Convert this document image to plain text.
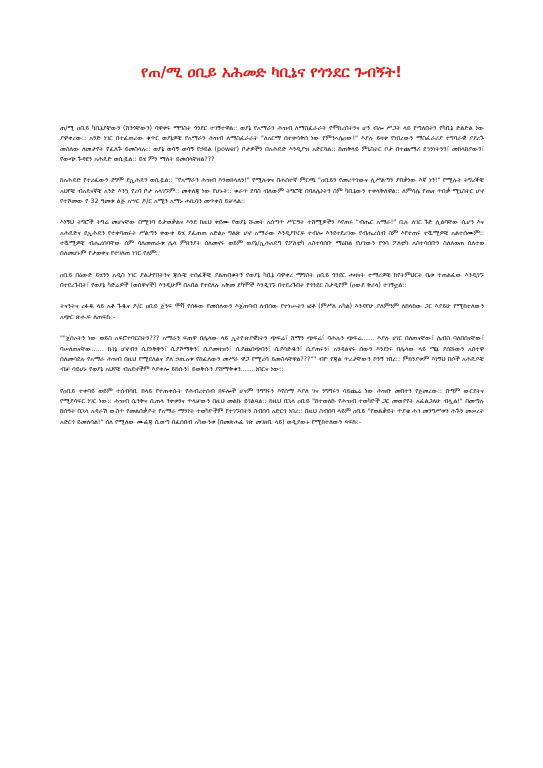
የጠ/ሚ ዐቢይ አሕመድ ካቢኔና የጎንደር ጉብኝት!

ጠ/ሚ ዐቢይ ካቢኔያቸውን (ሸንጎቸውን) ባዋቀሩ ማግስት ጎንደር ተገኝተዋል:: ወያኔ የአማራን ሕዝብ ለማስፈራራት የሞከረበትንና ሆን ብሎ ሥጋት ላይ የጣለበትን የካቢኔ ድልድል ነው ያዋቀረው:: አንድ ነገር በተፈጠረው ቁጥር ወያኔዎቹ የአማራን ሕዝብ ለማስፈራራት "ለአርማ ሰተቀሳቅሰ ነው የምንኣሌዐው!" እያሉ ይዛቱ የነበረውን ማስፈራሪያ ተግባራዊ ያደረጉ መስለው ለመታየት የፈለጉ ይመስላሉ:: ወያኔ ወሳኝ ወሳኝ የኃይል (power) ቦታዎችን በአሕዴድ እንዲያዝ አድርጓል:: ከጠቅላይ ምኒስትር ቦታ በተጨማሪ ደኅንነትንን፣ መከላከያውን፣ የውጭ ጉዳዩን አሕዴድ ወሲዷል:: ይሄ ምን ማለት ይመሰላቸዘል???

ከአሕዴድ የተረፈውን ደግሞ ደኢሕዴን ወሲዷል:: "የአማራን ሕዝብ እንወክላለን!" የሚሉቱና በሐሰተኛ ምርጫ "ዐቢይን የመረጥነውና ሊሥልጣን ያበቃነው እኛ ነን!" የሚሉት ትግረኞቹ አህየቹ ብአዴናኛቹ አንድ እንኳ የረባ ቦታ አላገኙም:: መቀለጃ ነው የሆኑት:: ቁራጥ ደባስ ብለውም ትግሮቹ በባለሌነትን ስም ካቢኔውን ተቀላቅለዋል:: ለምሳሌ የጤና ጥበቃ ሚኒስትር ሆኖ የተሾመው የ 32 ዓመቱ ልጅ አሣር ዶ/ር አሚን አማኑ ሐኪሳን መጥቀስ ይቻላል::

እነኝህ ትግሮች ትግሬ መሆናቸው በሚገባ ይታወቃልና እንደ ከዚህ ቀደሙ የወያኔ ሹመት አሰጣጥ ሥርዓት ተሸሚዎችን እየጠሩ "ብሔር አማራ!" ቢሉ ለገር ጉድ ሊልባቸው ሲሆን እና አሕዴድና ደኢሕዴን የተቀባጠሩት ሥልጣን ቀውቀ ይሄ ያፈጠጠ አድልኦ ግልጽ ሆኖ አማራው እንዲያኮርፍ ተብሎ እንደተደረገው የብሔረሰብ ስም እየተጠሩ ተሿሚዎቹ አልተሰሙም:: ተሿሚዎቹ ብሔረሰባቸው ሰም ሳለመጠራቱ ሌላ ምክንያት ሰለመኖሩ ወይም ወያኔ/ኢሕአዴግ የፖለቲካ አስተሳሰቡ ማዕከል የሆነውን የጎሳ ፖለቲካ አስተሳሰቡን ስለለወጠ ሰለተወ ሰለመሆኑም የታወቀና የተገለጠ ነገር የለም::

ዐቢይ በዕውድ ይሄንን አዲስ ነገር ያልታየበትንና ጃሱቹ ተሰፈኞቹ ያልጠበቁትን የወያኔ ካቢኔ ባዋቀረ ማግስት ዐቢይ ጎንደር ሐዛናት ተማሪዎቹ ከየትምህርት ቤቱ ተጠልፈው እንዲገኙ በተደረጉበት፣ የወያኔ ካድሬዎች (ወሰዋኖች) እንዲሁም በአበል የተደለሉ አቅመ ደካሞች እንዲገኙ በተደረጉበት የጎንደር ስታዲየም (ዐውደ ቅሪላ) ተገኝቷል::

ትናንትና ረፋዱ ላይ አቶ ጉዱና ዶ/ር ዐቢይ ጀንፍ ሞቫ የሰፋው የመሰለውን እጀጠባብ ለብሰው የተነሡትን ፎቶ (ምሥለ አካል) እንዳየሁ ያለምንም ለከላከው ጋር እያይሁ የሚከተለውን አጭር ጽሑፍ ለጠፍኩ:-

""ጀሰኦትን ነው ወይስ አፍሮተባርስትን??? አማራን ፍጠዋ በሌላው ላይ ኢትዮጵያዊነትን ጭፍሬ፣ ሸማን ጭፍሬ፣ ባሕሉን ጭፍሬ…… እያሉ ሀገር በለጠናቸው፣ ሌብስ ባለበሰናቸው፣ ባሠለጠናቸው…… ኩነኔ ሆኖብን ሲደነቅቅን፣ ሲያሾማቅን፣ ሲያመዛዝን፣ ሲያጨበጭበን፣ ሲያሳድዱን፣ ሲያጠሩን፣ አንዳልኖሩ ሰውን እንደነሩ በሌላው ላይ ሜኔ ያሰሹውን አሰተዋ ሰለመሳደሉ የአማራ ሕዝብ በዚህ የሚደለልና ያለ ኃጢአቱ የከፈለውን መሥራ ዋጋ የሚረሳ ይመስላቸዋል???"" ብዮ የጃል ጥረታቸውን ኮንኝ ነበረ:: ምክንያቱም እነኝህ ከሶች አሕዴዶቹ ብቻ ሳይሆኑ የወያኔ አህየቹ ብአዴኖችም እያቀሎ ይከሱን፣ ይወቅሱን ያሸማቅቁን…… ነበርና ነው::

የዐቢይ ተቀባይ ወይም ተሰብሳቢ ከላይ የተጠቀሱት የሕብረተሰብ ክፍሎች ሆናም ንግግሩን እየሰማ እያለ ገና ንግግሩን ሳይጨሬ ነው ሕዝቡ መበተን የጀመረው:: በጣም ውርደትና የሚያሳፍር ነገር ነው:: ሕዝብ ሲንቅና ሲጠላ ንቀቱንና ጥላቻውን በዚህ መልኩ ይገልጻል:: ከዚህ በኋላ ዐቢይ "ከተወለኩ የሕዝብ ተወካዮች ጋር መወያየት አፈልጋለሁ ብሏል!" በመጣሉ ከሰዓት በኋላ አዳራሽ ውስጥ የመልሰቃዶት የአማራ ማንነት ተወካዮችም የተገኙበትን ስብሰባ አድርጎ ነበረ:: በዚህ ስብሰባ ላይም ዐቢይ "የወልቃይት ጥያቄ ሕገ መንግሥቱን ሕጉን መሠረት አድርጎ ይመለሳል!" ሰለ የሚለው ሙፊጃ ሲወጣ በፈሰበብ አካውንቱ (በመጽሐፈ ገጽ መገዘቢ ላይ) ወዲያውኑ የሚከተለውን ጻፍኩ:-
